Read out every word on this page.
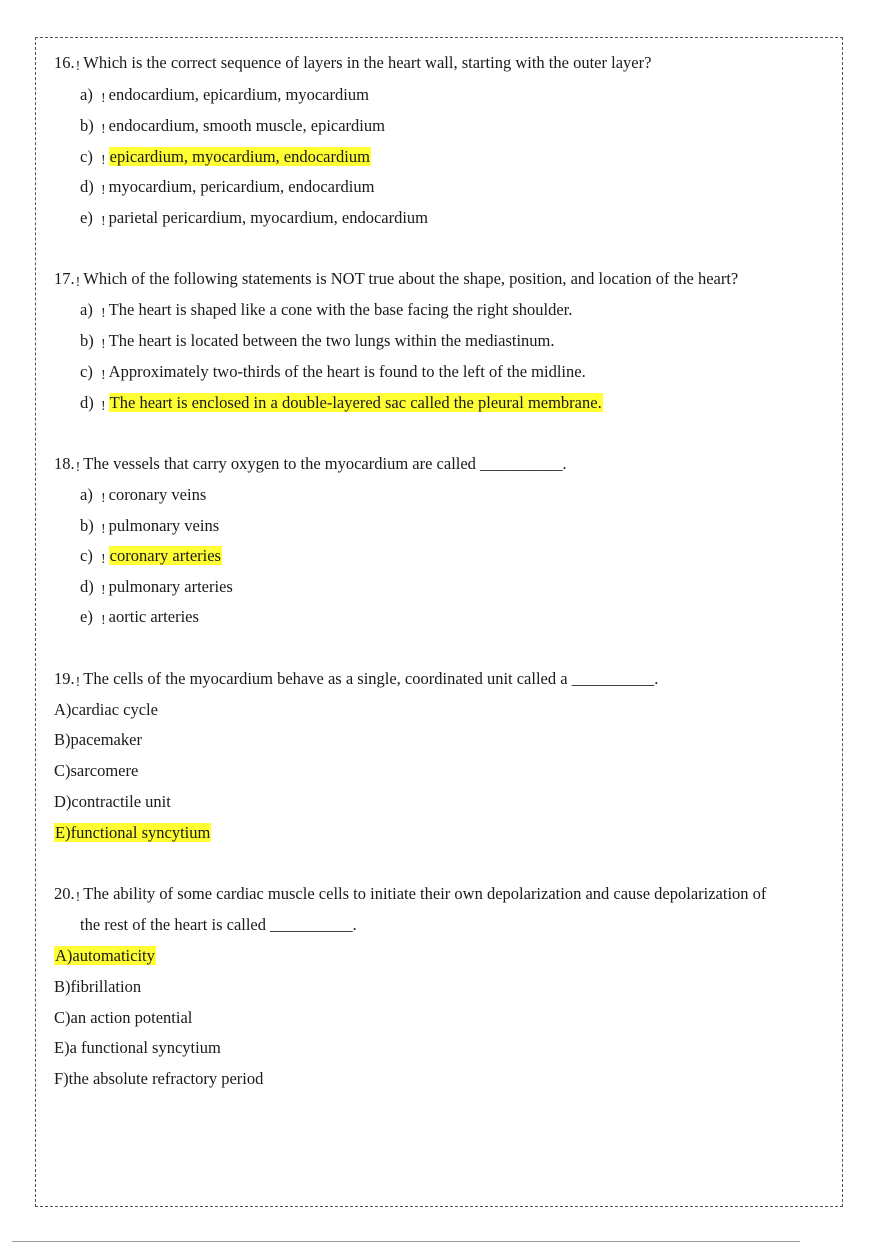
16.! Which is the correct sequence of layers in the heart wall, starting with the outer layer?
a) ! endocardium, epicardium, myocardium
b) ! endocardium, smooth muscle, epicardium
c) ! epicardium, myocardium, endocardium
d) ! myocardium, pericardium, endocardium
e) ! parietal pericardium, myocardium, endocardium
17.! Which of the following statements is NOT true about the shape, position, and location of the heart?
a) ! The heart is shaped like a cone with the base facing the right shoulder.
b) ! The heart is located between the two lungs within the mediastinum.
c) ! Approximately two-thirds of the heart is found to the left of the midline.
d) ! The heart is enclosed in a double-layered sac called the pleural membrane.
18.! The vessels that carry oxygen to the myocardium are called __________.
a) ! coronary veins
b) ! pulmonary veins
c) ! coronary arteries
d) ! pulmonary arteries
e) ! aortic arteries
19.! The cells of the myocardium behave as a single, coordinated unit called a __________.
A)cardiac cycle
B)pacemaker
C)sarcomere
D)contractile unit
E)functional syncytium
20.! The ability of some cardiac muscle cells to initiate their own depolarization and cause depolarization of
the rest of the heart is called __________.
A)automaticity
B)fibrillation
C)an action potential
E)a functional syncytium
F)the absolute refractory period
